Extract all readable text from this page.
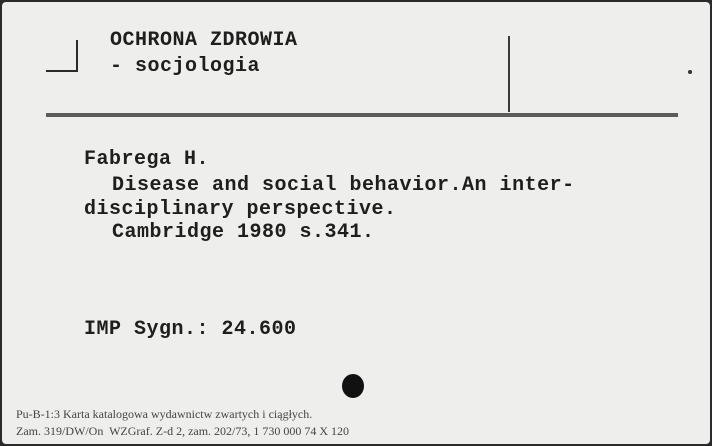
OCHRONA ZDROWIA
- socjologia
Fabrega H.
Disease and social behavior.An inter-
disciplinary perspective.
Cambridge 1980 s.341.
IMP Sygn.: 24.600
Pu-B-1:3 Karta katalogowa wydawnictw zwartych i ciągłych.
Zam. 319/DW/On  WZGraf. Z-d 2, zam. 202/73, 1 730 000 74 X 120
